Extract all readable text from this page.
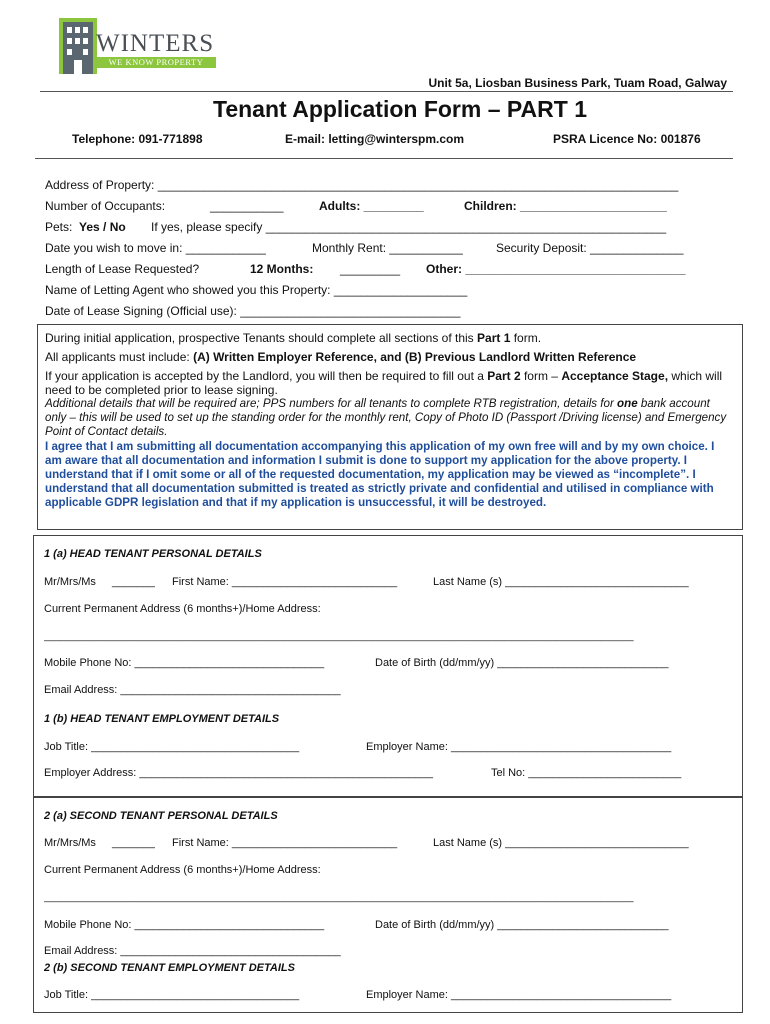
WINTERS
WE KNOW PROPERTY
Unit 5a, Liosban Business Park, Tuam Road, Galway
Tenant Application Form – PART 1
Telephone: 091-771898	E-mail: letting@winterspm.com	PSRA Licence No: 001876
Address of Property: ______________________________________________________________________________
Number of Occupants:	___________	Adults: _________	Children: ______________________
Pets: Yes / No If yes, please specify ____________________________________________________________
Date you wish to move in: ____________	Monthly Rent: ___________	Security Deposit: ______________
Length of Lease Requested?	12 Months: _________ Other: _________________________________
Name of Letting Agent who showed you this Property: ____________________
Date of Lease Signing (Official use): _________________________________
During initial application, prospective Tenants should complete all sections of this Part 1 form.
All applicants must include: (A) Written Employer Reference, and (B) Previous Landlord Written Reference
If your application is accepted by the Landlord, you will then be required to fill out a Part 2 form – Acceptance Stage, which will need to be completed prior to lease signing.
Additional details that will be required are; PPS numbers for all tenants to complete RTB registration, details for one bank account only – this will be used to set up the standing order for the monthly rent, Copy of Photo ID (Passport /Driving license) and Emergency Point of Contact details.
I agree that I am submitting all documentation accompanying this application of my own free will and by my own choice. I am aware that all documentation and information I submit is done to support my application for the above property. I understand that if I omit some or all of the requested documentation, my application may be viewed as “incomplete”. I understand that all documentation submitted is treated as strictly private and confidential and utilised in compliance with applicable GDPR legislation and that if my application is unsuccessful, it will be destroyed.
1 (a) HEAD TENANT PERSONAL DETAILS
Mr/Mrs/Ms _______ First Name: ___________________________	Last Name (s) ______________________________
Current Permanent Address (6 months+)/Home Address:
__________________________________________________________________________________________________________
Mobile Phone No: _______________________________	Date of Birth (dd/mm/yy) ____________________________
Email Address: ____________________________________
1 (b) HEAD TENANT EMPLOYMENT DETAILS
Job Title: __________________________________	Employer Name: ____________________________________
Employer Address: ________________________________________________	Tel No: _________________________
2 (a) SECOND TENANT PERSONAL DETAILS
Mr/Mrs/Ms _______ First Name: ___________________________	Last Name (s) ______________________________
Current Permanent Address (6 months+)/Home Address:
__________________________________________________________________________________________________________
Mobile Phone No: _______________________________	Date of Birth (dd/mm/yy) ____________________________
Email Address: ____________________________________
2 (b) SECOND TENANT EMPLOYMENT DETAILS
Job Title: __________________________________	Employer Name: ____________________________________
